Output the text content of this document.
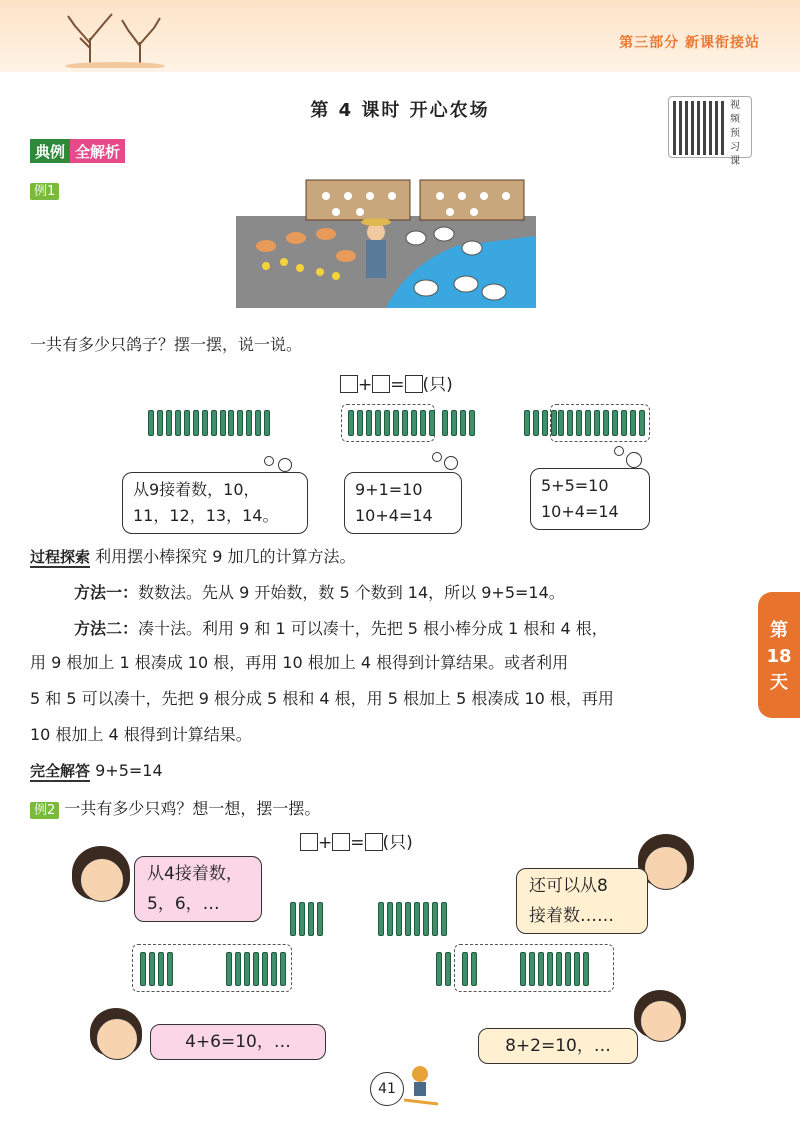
第三部分 新课衔接站
第 4 课时 开心农场	视频预习课
典例 全解析
例1
一共有多少只鸽子？摆一摆，说一说。
+ = (只)
从9接着数，10，
11，12，13，14。
9+1=10
10+4=14
5+5=10
10+4=14
过程探索 利用摆小棒探究 9 加几的计算方法。
方法一：数数法。先从 9 开始数，数 5 个数到 14，所以 9+5=14。
方法二：凑十法。利用 9 和 1 可以凑十，先把 5 根小棒分成 1 根和 4 根，
用 9 根加上 1 根凑成 10 根，再用 10 根加上 4 根得到计算结果。或者利用
5 和 5 可以凑十，先把 9 根分成 5 根和 4 根，用 5 根加上 5 根凑成 10 根，再用
10 根加上 4 根得到计算结果。
完全解答 9+5=14
例2 一共有多少只鸡？想一想，摆一摆。
+ = (只)
从4接着数，
5，6，…
还可以从8
接着数……
4+6=10，…	8+2=10，…
第
18
天
41
